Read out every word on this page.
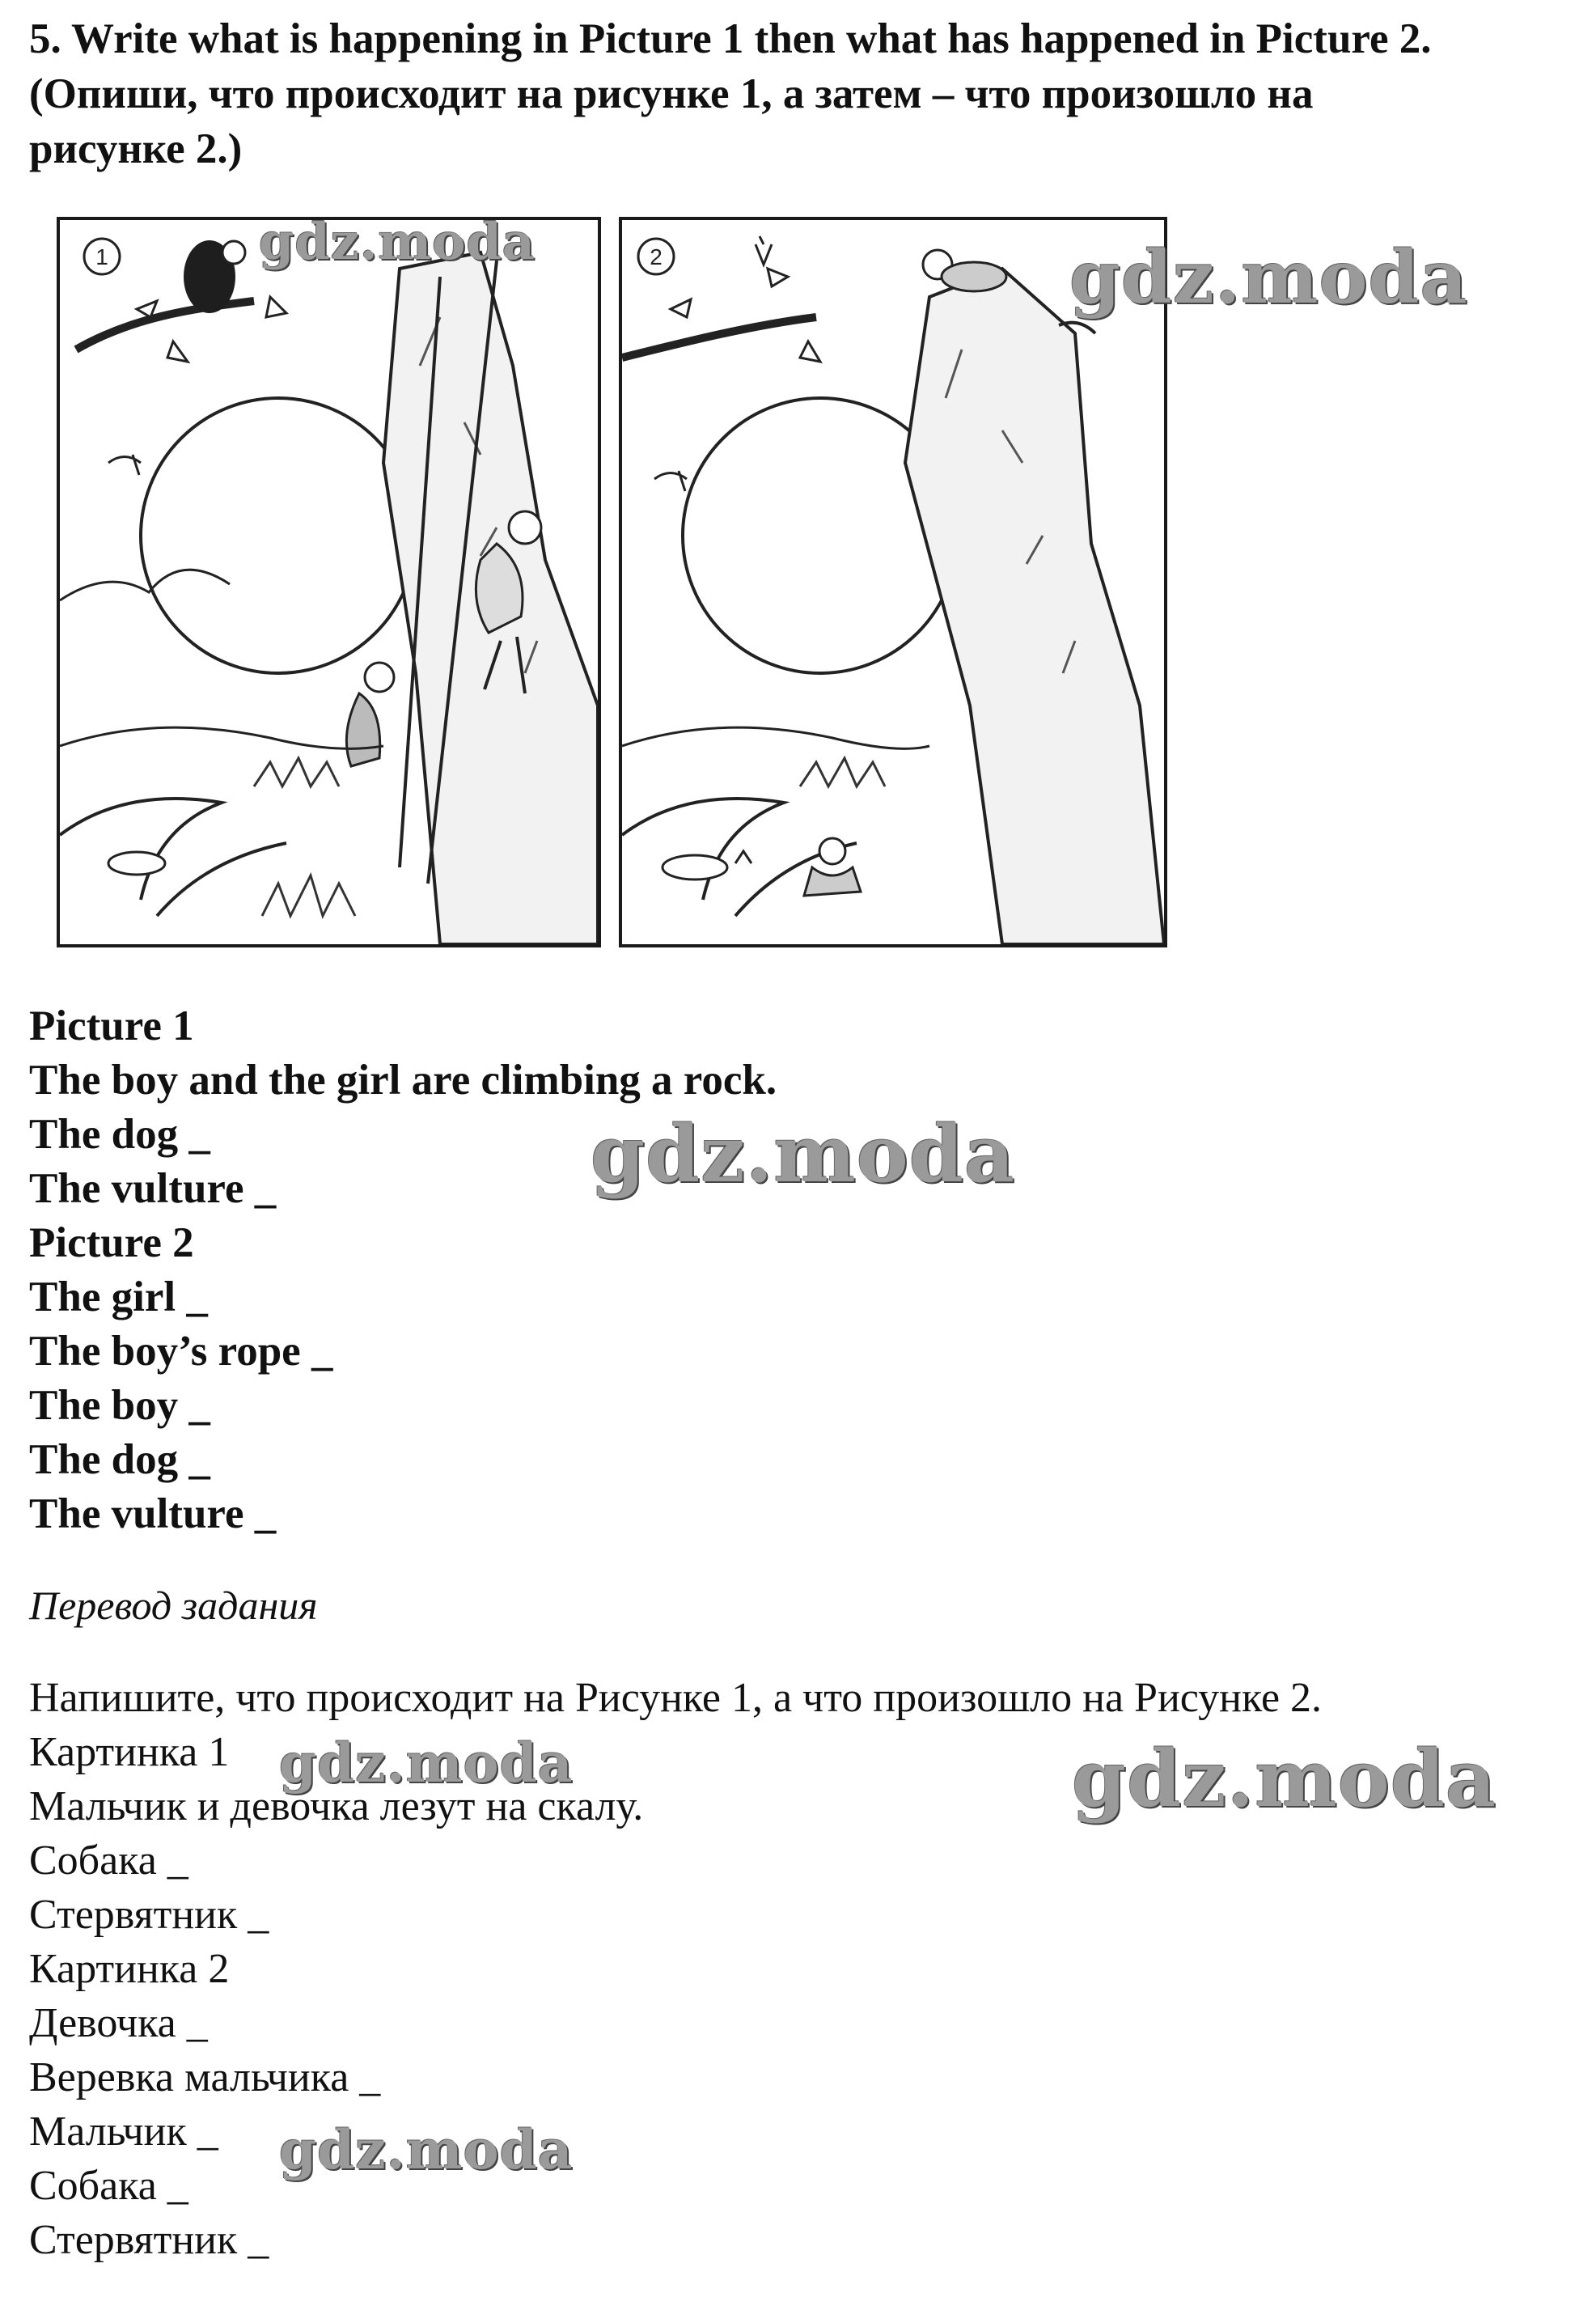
5. Write what is happening in Picture 1 then what has happened in Picture 2.
(Опиши, что происходит на рисунке 1, а затем – что произошло на
рисунке 2.)
1	2
Picture 1
The boy and the girl are climbing a rock.
The dog _
The vulture _
Picture 2
The girl _
The boy’s rope _
The boy _
The dog _
The vulture _
Перевод задания
Напишите, что происходит на Рисунке 1, а что произошло на Рисунке 2.
Картинка 1
Мальчик и девочка лезут на скалу.
Собака _
Стервятник _
Картинка 2
Девочка _
Веревка мальчика _
Мальчик _
Собака _
Стервятник _
gdz.moda	gdz.moda
gdz.moda
gdz.moda	gdz.moda
gdz.moda
